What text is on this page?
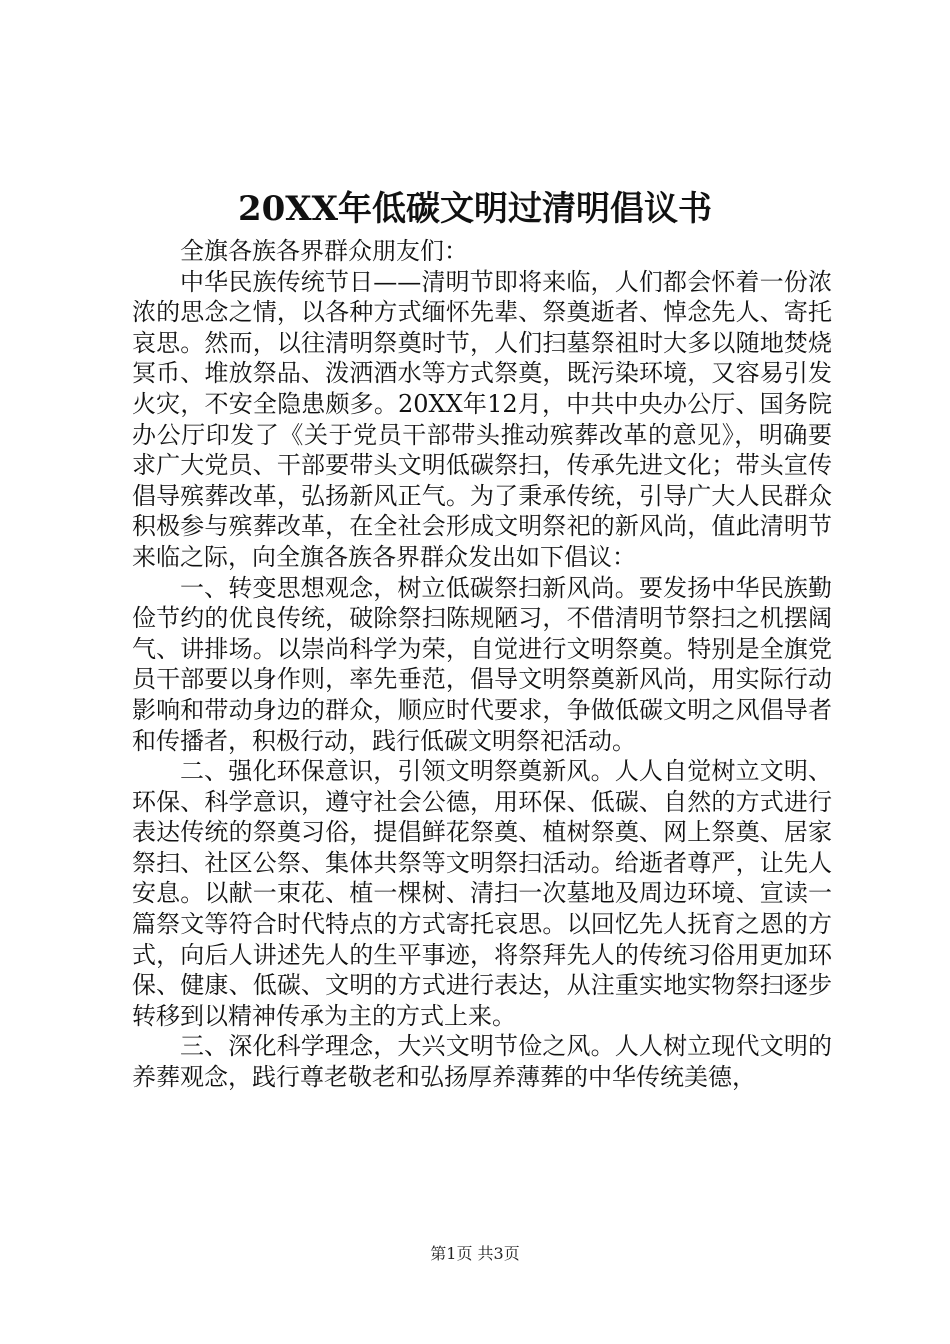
20XX年低碳文明过清明倡议书

全旗各族各界群众朋友们：

中华民族传统节日——清明节即将来临，人们都会怀着一份浓浓的思念之情，以各种方式缅怀先辈、祭奠逝者、悼念先人、寄托哀思。然而，以往清明祭奠时节，人们扫墓祭祖时大多以随地焚烧冥币、堆放祭品、泼洒酒水等方式祭奠，既污染环境，又容易引发火灾，不安全隐患颇多。20XX年12月，中共中央办公厅、国务院办公厅印发了《关于党员干部带头推动殡葬改革的意见》，明确要求广大党员、干部要带头文明低碳祭扫，传承先进文化；带头宣传倡导殡葬改革，弘扬新风正气。为了秉承传统，引导广大人民群众积极参与殡葬改革，在全社会形成文明祭祀的新风尚，值此清明节来临之际，向全旗各族各界群众发出如下倡议：

一、转变思想观念，树立低碳祭扫新风尚。要发扬中华民族勤俭节约的优良传统，破除祭扫陈规陋习，不借清明节祭扫之机摆阔气、讲排场。以崇尚科学为荣，自觉进行文明祭奠。特别是全旗党员干部要以身作则，率先垂范，倡导文明祭奠新风尚，用实际行动影响和带动身边的群众，顺应时代要求，争做低碳文明之风倡导者和传播者，积极行动，践行低碳文明祭祀活动。

二、强化环保意识，引领文明祭奠新风。人人自觉树立文明、环保、科学意识，遵守社会公德，用环保、低碳、自然的方式进行表达传统的祭奠习俗，提倡鲜花祭奠、植树祭奠、网上祭奠、居家祭扫、社区公祭、集体共祭等文明祭扫活动。给逝者尊严，让先人安息。以献一束花、植一棵树、清扫一次墓地及周边环境、宣读一篇祭文等符合时代特点的方式寄托哀思。以回忆先人抚育之恩的方式，向后人讲述先人的生平事迹，将祭拜先人的传统习俗用更加环保、健康、低碳、文明的方式进行表达，从注重实地实物祭扫逐步转移到以精神传承为主的方式上来。

三、深化科学理念，大兴文明节俭之风。人人树立现代文明的养葬观念，践行尊老敬老和弘扬厚养薄葬的中华传统美德，

第1页 共3页
